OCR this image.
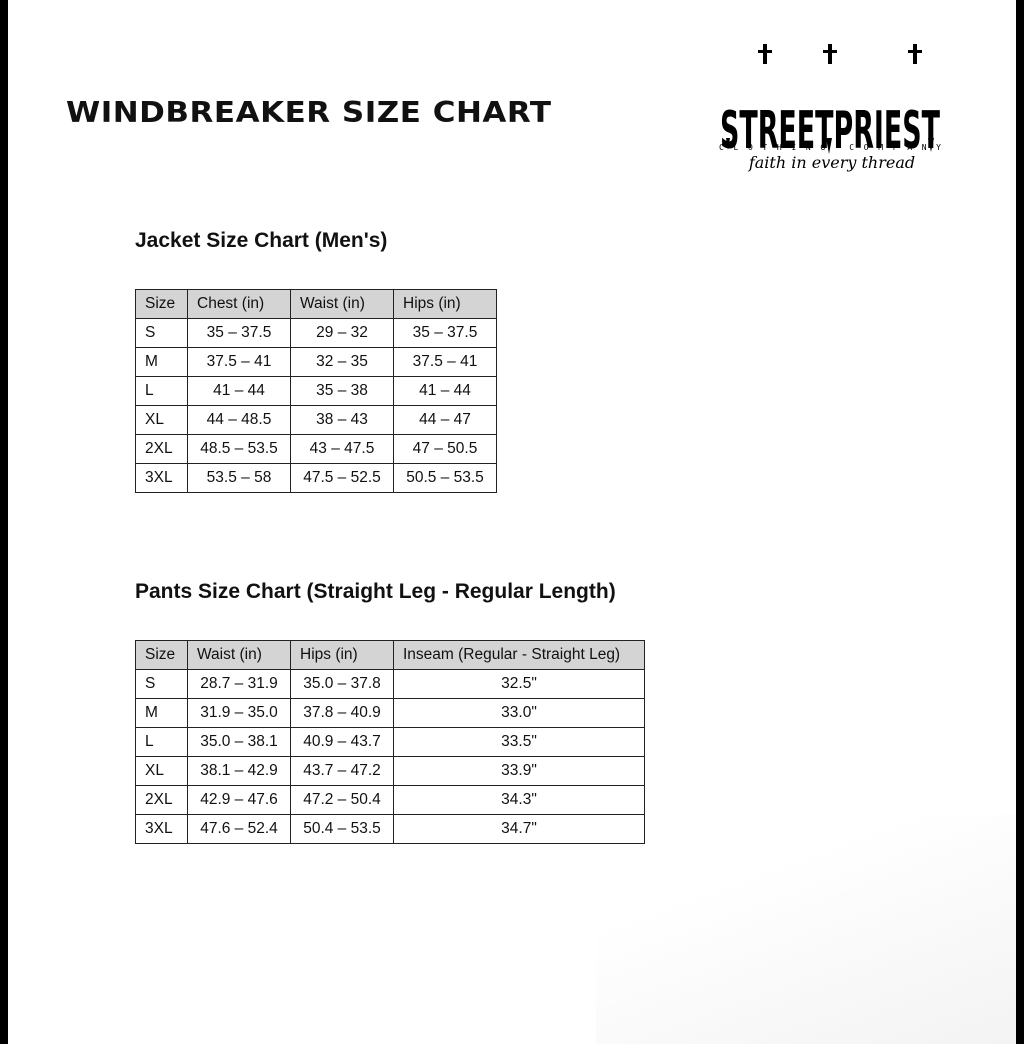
WINDBREAKER SIZE CHART	STREETPRIEST
CLOTHING COMPANY
faith in every thread
Jacket Size Chart (Men's)
Size	Chest (in)	Waist (in)	Hips (in)
S	35 – 37.5	29 – 32	35 – 37.5
M	37.5 – 41	32 – 35	37.5 – 41
L	41 – 44	35 – 38	41 – 44
XL	44 – 48.5	38 – 43	44 – 47
2XL	48.5 – 53.5	43 – 47.5	47 – 50.5
3XL	53.5 – 58	47.5 – 52.5	50.5 – 53.5
Pants Size Chart (Straight Leg - Regular Length)
Size	Waist (in)	Hips (in)	Inseam (Regular - Straight Leg)
S	28.7 – 31.9	35.0 – 37.8	32.5"
M	31.9 – 35.0	37.8 – 40.9	33.0"
L	35.0 – 38.1	40.9 – 43.7	33.5"
XL	38.1 – 42.9	43.7 – 47.2	33.9"
2XL	42.9 – 47.6	47.2 – 50.4	34.3"
3XL	47.6 – 52.4	50.4 – 53.5	34.7"
